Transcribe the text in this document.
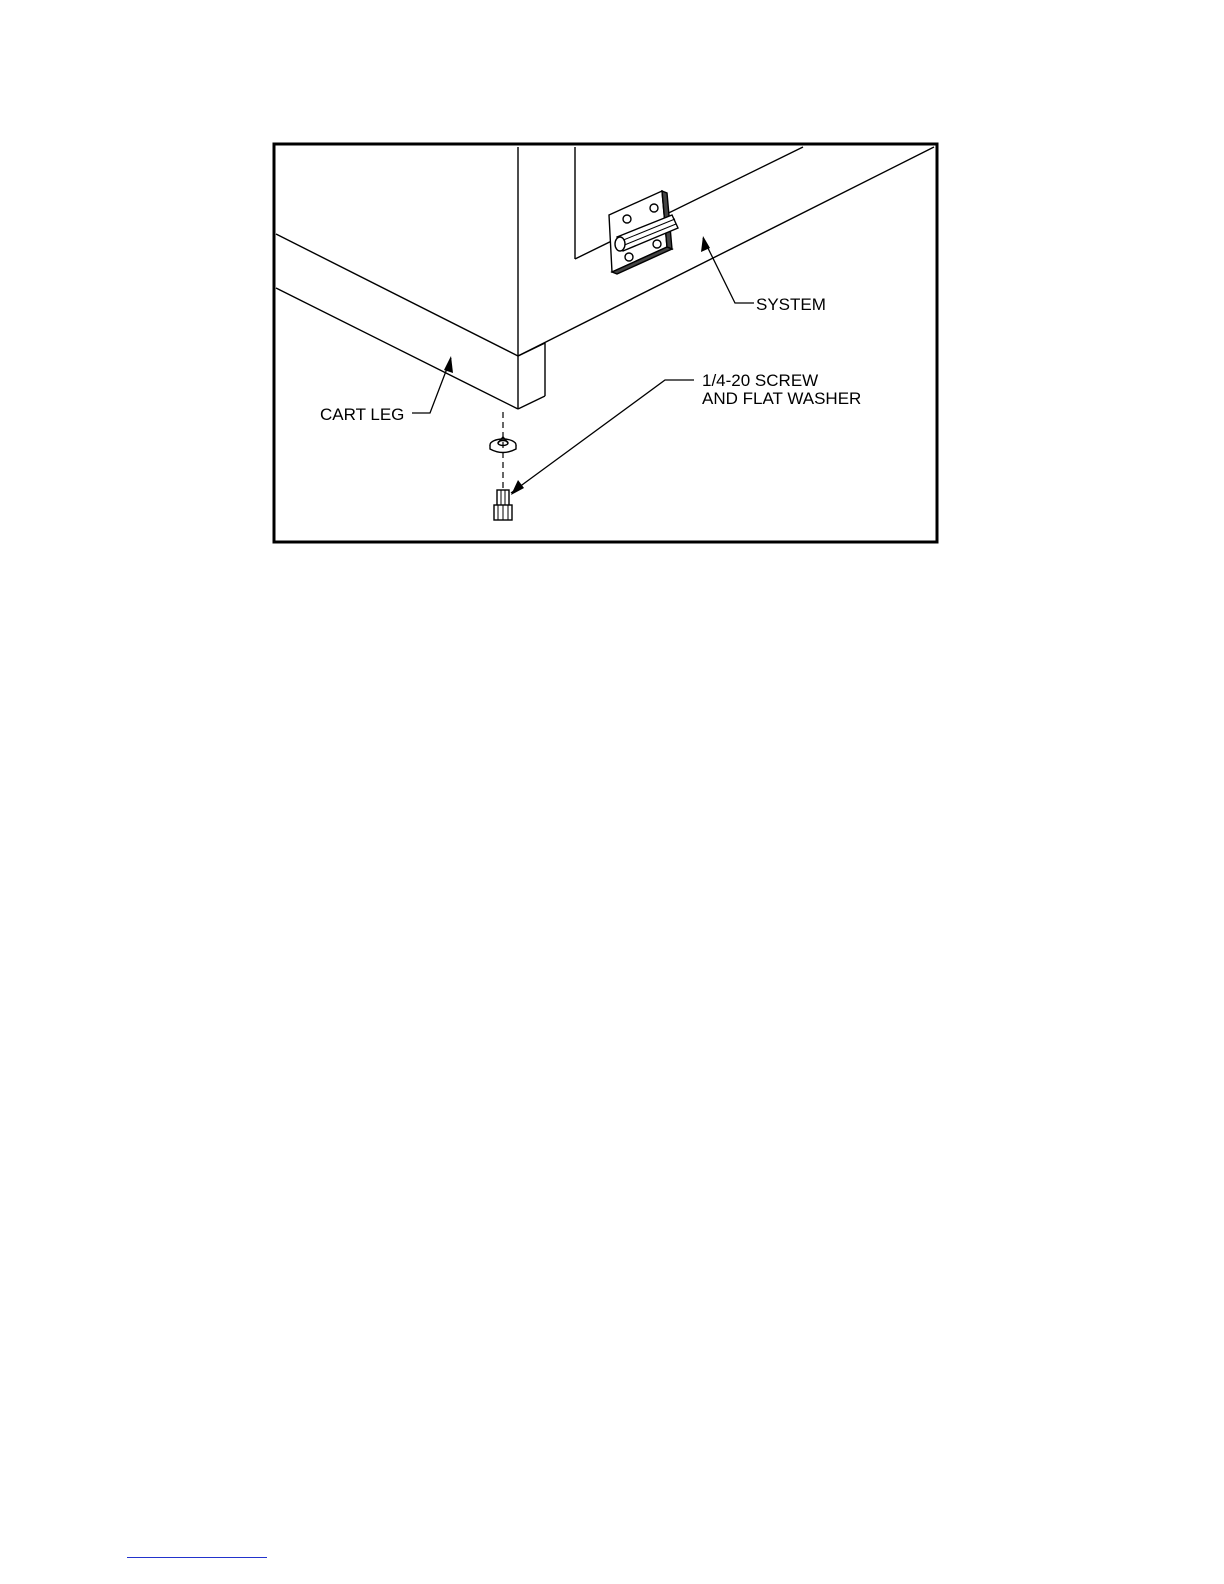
SYSTEM
CART LEG
1/4-20 SCREW
AND FLAT WASHER
